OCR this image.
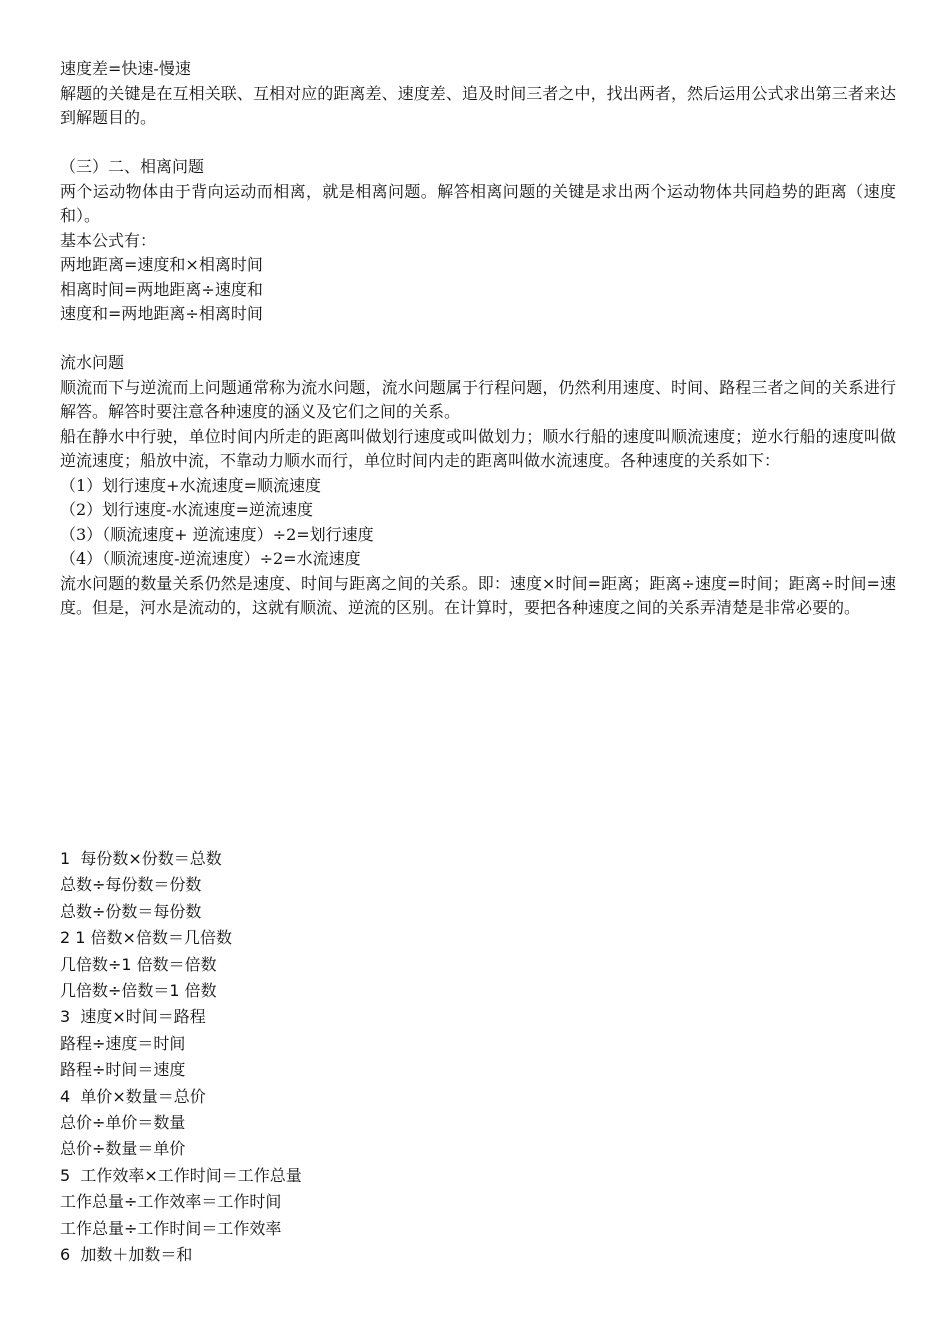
速度差=快速-慢速

解题的关键是在互相关联、互相对应的距离差、速度差、追及时间三者之中，找出两者，然后运用公式求出第三者来达到解题目的。

（三）二、相离问题

两个运动物体由于背向运动而相离，就是相离问题。解答相离问题的关键是求出两个运动物体共同趋势的距离（速度和）。

基本公式有：

两地距离=速度和×相离时间

相离时间=两地距离÷速度和

速度和=两地距离÷相离时间

流水问题

顺流而下与逆流而上问题通常称为流水问题，流水问题属于行程问题，仍然利用速度、时间、路程三者之间的关系进行解答。解答时要注意各种速度的涵义及它们之间的关系。

船在静水中行驶，单位时间内所走的距离叫做划行速度或叫做划力；顺水行船的速度叫顺流速度；逆水行船的速度叫做逆流速度；船放中流，不靠动力顺水而行，单位时间内走的距离叫做水流速度。各种速度的关系如下：

（1）划行速度+水流速度=顺流速度

（2）划行速度-水流速度=逆流速度

（3）（顺流速度+ 逆流速度）÷2=划行速度

（4）（顺流速度-逆流速度）÷2=水流速度

流水问题的数量关系仍然是速度、时间与距离之间的关系。即：速度×时间=距离；距离÷速度=时间；距离÷时间=速度。但是，河水是流动的，这就有顺流、逆流的区别。在计算时，要把各种速度之间的关系弄清楚是非常必要的。

1  每份数×份数＝总数

总数÷每份数＝份数

总数÷份数＝每份数

2 1 倍数×倍数＝几倍数

几倍数÷1 倍数＝倍数

几倍数÷倍数＝1 倍数

3  速度×时间＝路程

路程÷速度＝时间

路程÷时间＝速度

4  单价×数量＝总价

总价÷单价＝数量

总价÷数量＝单价

5  工作效率×工作时间＝工作总量

工作总量÷工作效率＝工作时间

工作总量÷工作时间＝工作效率

6  加数＋加数＝和
